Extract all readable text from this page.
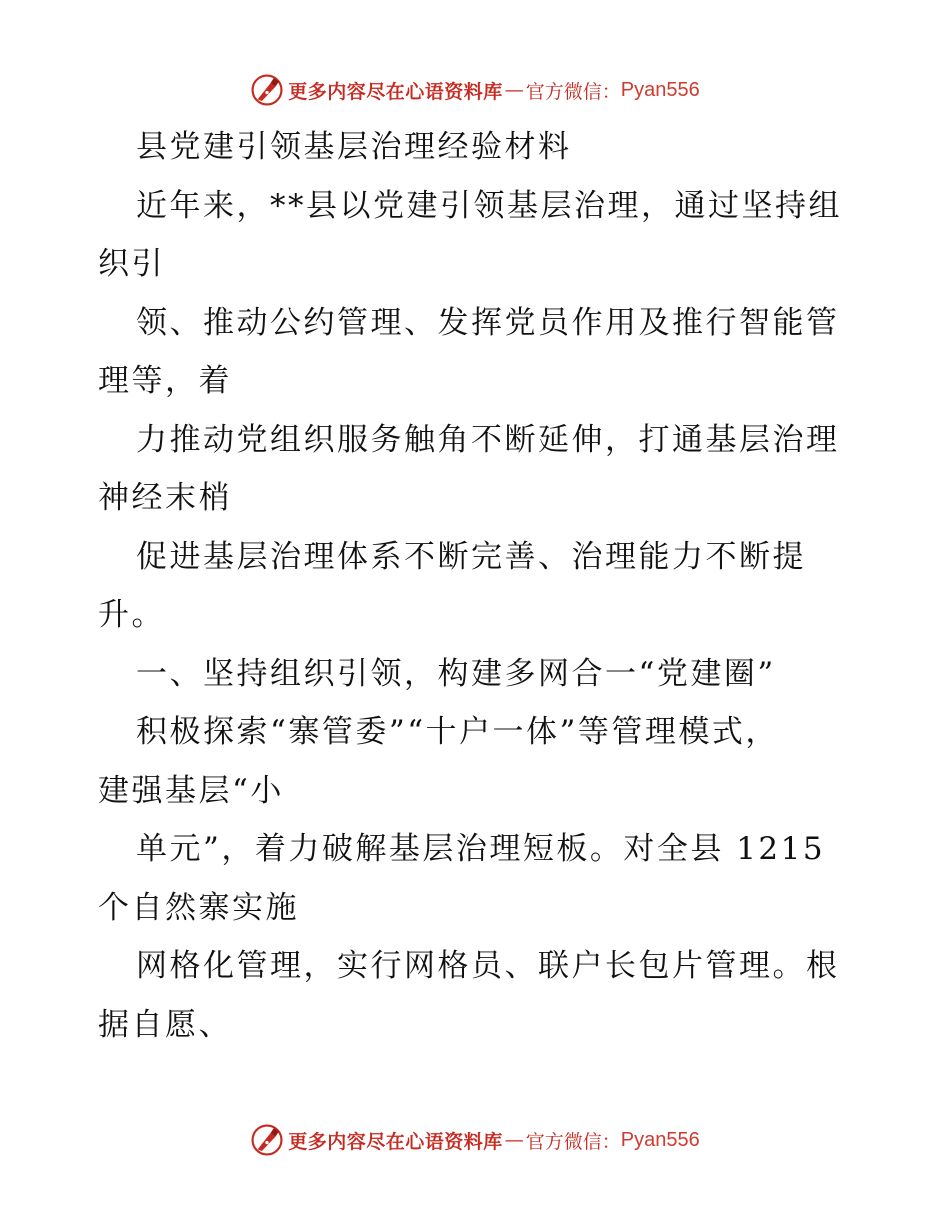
更多内容尽在心语资料库 — 官方微信： Pyan556
县党建引领基层治理经验材料
近年来，**县以党建引领基层治理，通过坚持组
织引
领、推动公约管理、发挥党员作用及推行智能管
理等，着
力推动党组织服务触角不断延伸，打通基层治理
神经末梢
促进基层治理体系不断完善、治理能力不断提
升。
一、坚持组织引领，构建多网合一“党建圈”
积极探索“寨管委”“十户一体”等管理模式，
建强基层“小
单元”，着力破解基层治理短板。对全县 1215
个自然寨实施
网格化管理，实行网格员、联户长包片管理。根
据自愿、
更多内容尽在心语资料库 — 官方微信： Pyan556
